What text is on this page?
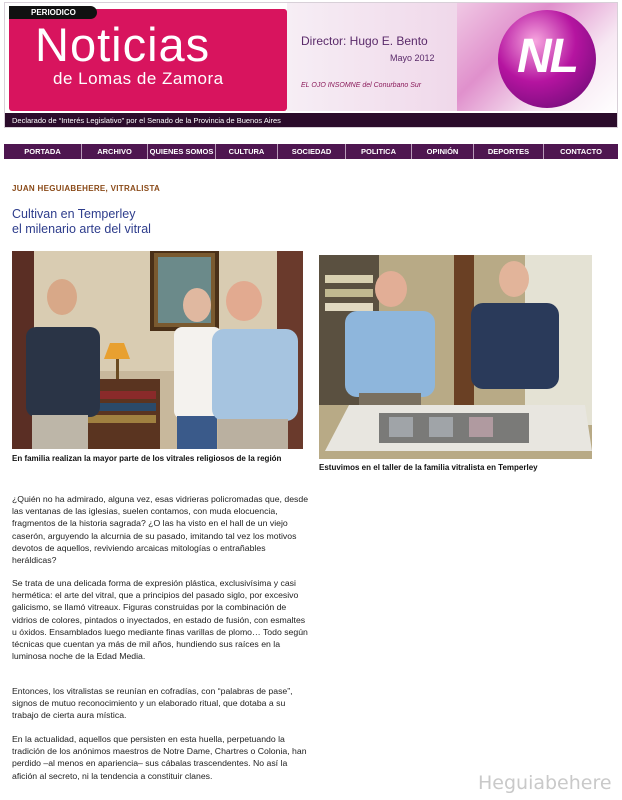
PERIODICO
Noticias
de Lomas de Zamora
Director: Hugo E. Bento
Mayo 2012
EL OJO INSOMNE del Conurbano Sur
NL
Declarado de “Interés Legislativo” por el Senado de la Provincia de Buenos Aires
PORTADA	ARCHIVO	QUIENES SOMOS	CULTURA	SOCIEDAD	POLITICA	OPINIÓN	DEPORTES	CONTACTO
JUAN HEGUIABEHERE, VITRALISTA
Cultivan en Temperley
el milenario arte del vitral
En familia realizan la mayor parte de los vitrales religiosos de la región
Estuvimos en el taller de la familia vitralista en Temperley

¿Quién no ha admirado, alguna vez, esas vidrieras policromadas que, desde las ventanas de las iglesias, suelen contamos, con muda elocuencia, fragmentos de la historia sagrada? ¿O las ha visto en el hall de un viejo caserón, arguyendo la alcurnia de su pasado, imitando tal vez los motivos devotos de aquellos, reviviendo arcaicas mitologías o entrañables heráldicas?

Se trata de una delicada forma de expresión plástica, exclusivísima y casi hermética: el arte del vitral, que a principios del pasado siglo, por excesivo galicismo, se llamó vitreaux. Figuras construidas por la combinación de vidrios de colores, pintados o inyectados, en estado de fusión, con esmaltes u óxidos. Ensamblados luego mediante finas varillas de plomo… Todo según técnicas que cuentan ya más de mil años, hundiendo sus raíces en la luminosa noche de la Edad Media.

Entonces, los vitralistas se reunían en cofradías, con “palabras de pase”, signos de mutuo reconocimiento y un elaborado ritual, que dotaba a su trabajo de cierta aura mística.

En la actualidad, aquellos que persisten en esta huella, perpetuando la tradición de los anónimos maestros de Notre Dame, Chartres o Colonia, han perdido –al menos en apariencia– sus cábalas trascendentes. No así la afición al secreto, ni la tendencia a constituir clanes.	Heguiabehere
